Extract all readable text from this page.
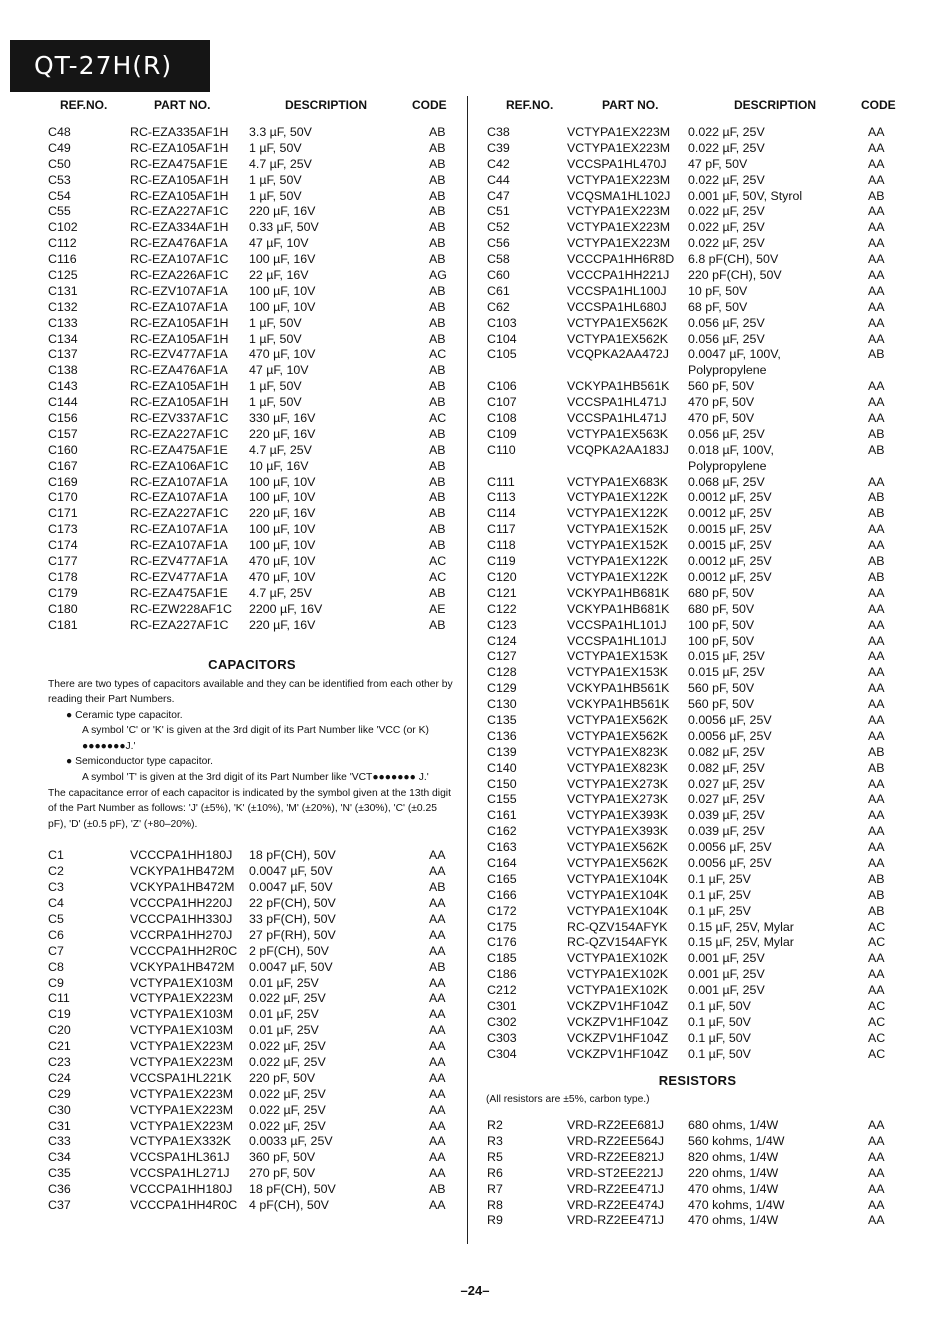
QT-27H(R)
REF.NO.	PART NO.	DESCRIPTION	CODE
C48	RC-EZA335AF1H 3.3 µF, 50V	AB
C49	RC-EZA105AF1H 1 µF, 50V	AB
C50	RC-EZA475AF1E 4.7 µF, 25V	AB
C53	RC-EZA105AF1H 1 µF, 50V	AB
C54	RC-EZA105AF1H 1 µF, 50V	AB
C55	RC-EZA227AF1C 220 µF, 16V	AB
C102	RC-EZA334AF1H 0.33 µF, 50V	AB
C112	RC-EZA476AF1A 47 µF, 10V	AB
C116	RC-EZA107AF1C 100 µF, 16V	AB
C125	RC-EZA226AF1C 22 µF, 16V	AG
C131	RC-EZV107AF1A 100 µF, 10V	AB
C132	RC-EZA107AF1A 100 µF, 10V	AB
C133	RC-EZA105AF1H 1 µF, 50V	AB
C134	RC-EZA105AF1H 1 µF, 50V	AB
C137	RC-EZV477AF1A 470 µF, 10V	AC
C138	RC-EZA476AF1A 47 µF, 10V	AB
C143	RC-EZA105AF1H 1 µF, 50V	AB
C144	RC-EZA105AF1H 1 µF, 50V	AB
C156	RC-EZV337AF1C 330 µF, 16V	AC
C157	RC-EZA227AF1C 220 µF, 16V	AB
C160	RC-EZA475AF1E 4.7 µF, 25V	AB
C167	RC-EZA106AF1C 10 µF, 16V	AB
C169	RC-EZA107AF1A 100 µF, 10V	AB
C170	RC-EZA107AF1A 100 µF, 10V	AB
C171	RC-EZA227AF1C 220 µF, 16V	AB
C173	RC-EZA107AF1A 100 µF, 10V	AB
C174	RC-EZA107AF1A 100 µF, 10V	AB
C177	RC-EZV477AF1A 470 µF, 10V	AC
C178	RC-EZV477AF1A 470 µF, 10V	AC
C179	RC-EZA475AF1E 4.7 µF, 25V	AB
C180	RC-EZW228AF1C 2200 µF, 16V	AE
C181	RC-EZA227AF1C 220 µF, 16V	AB
CAPACITORS

There are two types of capacitors available and they can be identified from each other by reading their Part Numbers.

● Ceramic type capacitor.

A symbol 'C' or 'K' is given at the 3rd digit of its Part Number like 'VCC (or K) ●●●●●●●J.'

● Semiconductor type capacitor.

A symbol 'T' is given at the 3rd digit of its Part Number like 'VCT●●●●●●● J.'

The capacitance error of each capacitor is indicated by the symbol given at the 13th digit of the Part Number as follows: 'J' (±5%), 'K' (±10%), 'M' (±20%), 'N' (±30%), 'C' (±0.25 pF), 'D' (±0.5 pF), 'Z' (+80–20%).

C1	VCCCPA1HH180J 18 pF(CH), 50V	AA
C2	VCKYPA1HB472M 0.0047 µF, 50V	AA
C3	VCKYPA1HB472M 0.0047 µF, 50V	AB
C4	VCCCPA1HH220J 22 pF(CH), 50V	AA
C5	VCCCPA1HH330J 33 pF(CH), 50V	AA
C6	VCCRPA1HH270J 27 pF(RH), 50V	AA
C7	VCCCPA1HH2R0C 2 pF(CH), 50V	AA
C8	VCKYPA1HB472M 0.0047 µF, 50V	AB
C9	VCTYPA1EX103M 0.01 µF, 25V	AA
C11	VCTYPA1EX223M 0.022 µF, 25V	AA
C19	VCTYPA1EX103M 0.01 µF, 25V	AA
C20	VCTYPA1EX103M 0.01 µF, 25V	AA
C21	VCTYPA1EX223M 0.022 µF, 25V	AA
C23	VCTYPA1EX223M 0.022 µF, 25V	AA
C24	VCCSPA1HL221K 220 pF, 50V	AA
C29	VCTYPA1EX223M 0.022 µF, 25V	AA
C30	VCTYPA1EX223M 0.022 µF, 25V	AA
C31	VCTYPA1EX223M 0.022 µF, 25V	AA
C33	VCTYPA1EX332K 0.0033 µF, 25V	AA
C34	VCCSPA1HL361J 360 pF, 50V	AA
C35	VCCSPA1HL271J 270 pF, 50V	AA
C36	VCCCPA1HH180J 18 pF(CH), 50V	AB
C37	VCCCPA1HH4R0C 4 pF(CH), 50V	AA
REF.NO.	PART NO.	DESCRIPTION	CODE
C38	VCTYPA1EX223M 0.022 µF, 25V	AA
C39	VCTYPA1EX223M 0.022 µF, 25V	AA
C42	VCCSPA1HL470J 47 pF, 50V	AA
C44	VCTYPA1EX223M 0.022 µF, 25V	AA
C47	VCQSMA1HL102J 0.001 µF, 50V, Styrol	AB
C51	VCTYPA1EX223M 0.022 µF, 25V	AA
C52	VCTYPA1EX223M 0.022 µF, 25V	AA
C56	VCTYPA1EX223M 0.022 µF, 25V	AA
C58	VCCCPA1HH6R8D 6.8 pF(CH), 50V	AA
C60	VCCCPA1HH221J 220 pF(CH), 50V	AA
C61	VCCSPA1HL100J 10 pF, 50V	AA
C62	VCCSPA1HL680J 68 pF, 50V	AA
C103	VCTYPA1EX562K 0.056 µF, 25V	AA
C104	VCTYPA1EX562K 0.056 µF, 25V	AA
C105	VCQPKA2AA472J 0.0047 µF, 100V,	AB
Polypropylene
C106	VCKYPA1HB561K 560 pF, 50V	AA
C107	VCCSPA1HL471J 470 pF, 50V	AA
C108	VCCSPA1HL471J 470 pF, 50V	AA
C109	VCTYPA1EX563K 0.056 µF, 25V	AB
C110	VCQPKA2AA183J 0.018 µF, 100V,	AB
Polypropylene
C111	VCTYPA1EX683K 0.068 µF, 25V	AA
C113	VCTYPA1EX122K 0.0012 µF, 25V	AB
C114	VCTYPA1EX122K 0.0012 µF, 25V	AB
C117	VCTYPA1EX152K 0.0015 µF, 25V	AA
C118	VCTYPA1EX152K 0.0015 µF, 25V	AA
C119	VCTYPA1EX122K 0.0012 µF, 25V	AB
C120	VCTYPA1EX122K 0.0012 µF, 25V	AB
C121	VCKYPA1HB681K 680 pF, 50V	AA
C122	VCKYPA1HB681K 680 pF, 50V	AA
C123	VCCSPA1HL101J 100 pF, 50V	AA
C124	VCCSPA1HL101J 100 pF, 50V	AA
C127	VCTYPA1EX153K 0.015 µF, 25V	AA
C128	VCTYPA1EX153K 0.015 µF, 25V	AA
C129	VCKYPA1HB561K 560 pF, 50V	AA
C130	VCKYPA1HB561K 560 pF, 50V	AA
C135	VCTYPA1EX562K 0.0056 µF, 25V	AA
C136	VCTYPA1EX562K 0.0056 µF, 25V	AA
C139	VCTYPA1EX823K 0.082 µF, 25V	AB
C140	VCTYPA1EX823K 0.082 µF, 25V	AB
C150	VCTYPA1EX273K 0.027 µF, 25V	AA
C155	VCTYPA1EX273K 0.027 µF, 25V	AA
C161	VCTYPA1EX393K 0.039 µF, 25V	AA
C162	VCTYPA1EX393K 0.039 µF, 25V	AA
C163	VCTYPA1EX562K 0.0056 µF, 25V	AA
C164	VCTYPA1EX562K 0.0056 µF, 25V	AA
C165	VCTYPA1EX104K 0.1 µF, 25V	AB
C166	VCTYPA1EX104K 0.1 µF, 25V	AB
C172	VCTYPA1EX104K 0.1 µF, 25V	AB
C175	RC-QZV154AFYK 0.15 µF, 25V, Mylar	AC
C176	RC-QZV154AFYK 0.15 µF, 25V, Mylar	AC
C185	VCTYPA1EX102K 0.001 µF, 25V	AA
C186	VCTYPA1EX102K 0.001 µF, 25V	AA
C212	VCTYPA1EX102K 0.001 µF, 25V	AA
C301	VCKZPV1HF104Z 0.1 µF, 50V	AC
C302	VCKZPV1HF104Z 0.1 µF, 50V	AC
C303	VCKZPV1HF104Z 0.1 µF, 50V	AC
C304	VCKZPV1HF104Z 0.1 µF, 50V	AC
RESISTORS
(All resistors are ±5%, carbon type.)
R2	VRD-RZ2EE681J 680 ohms, 1/4W	AA
R3	VRD-RZ2EE564J 560 kohms, 1/4W	AA
R5	VRD-RZ2EE821J 820 ohms, 1/4W	AA
R6	VRD-ST2EE221J 220 ohms, 1/4W	AA
R7	VRD-RZ2EE471J 470 ohms, 1/4W	AA
R8	VRD-RZ2EE474J 470 kohms, 1/4W	AA
R9	VRD-RZ2EE471J 470 ohms, 1/4W	AA
–24–
